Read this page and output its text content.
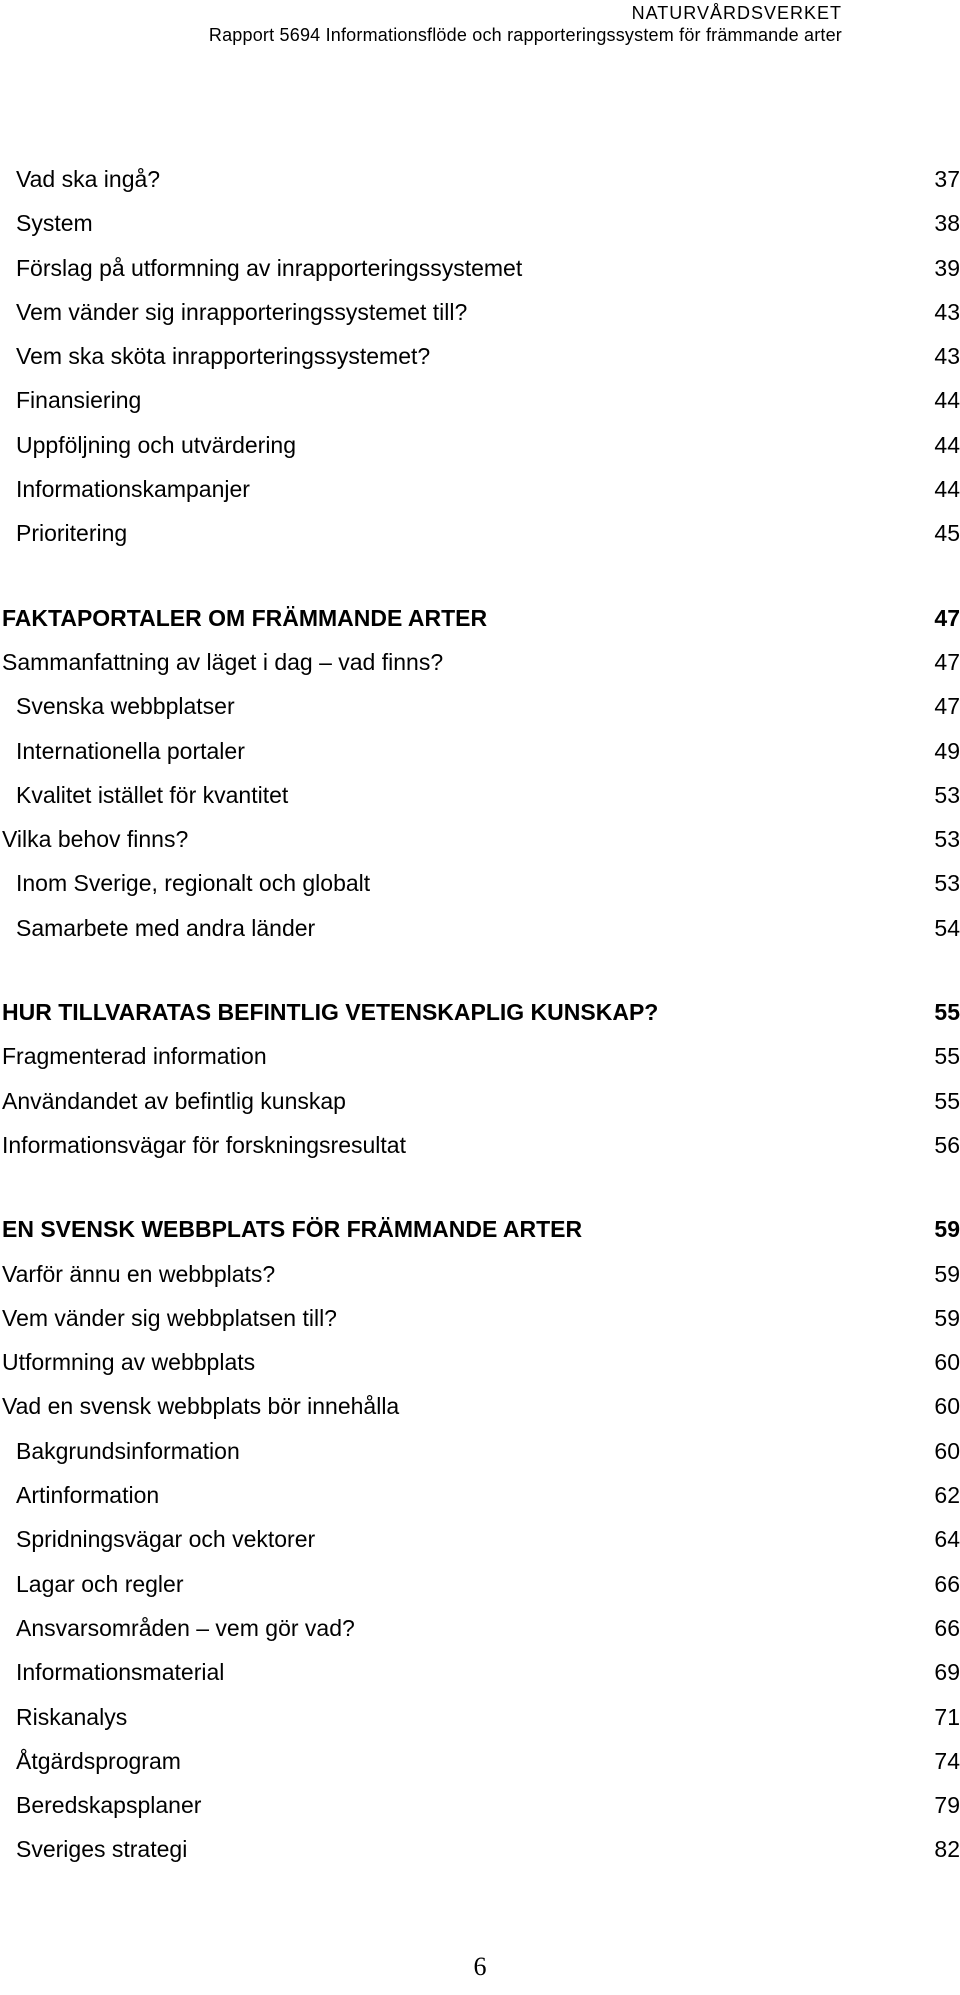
NATURVÅRDSVERKET
Rapport 5694 Informationsflöde och rapporteringssystem för främmande arter
Vad ska ingå?	37
System	38
Förslag på utformning av inrapporteringssystemet	39
Vem vänder sig inrapporteringssystemet till?	43
Vem ska sköta inrapporteringssystemet?	43
Finansiering	44
Uppföljning och utvärdering	44
Informationskampanjer	44
Prioritering	45
FAKTAPORTALER OM FRÄMMANDE ARTER	47
Sammanfattning av läget i dag – vad finns?	47
Svenska webbplatser	47
Internationella portaler	49
Kvalitet istället för kvantitet	53
Vilka behov finns?	53
Inom Sverige, regionalt och globalt	53
Samarbete med andra länder	54
HUR TILLVARATAS BEFINTLIG VETENSKAPLIG KUNSKAP?	55
Fragmenterad information	55
Användandet av befintlig kunskap	55
Informationsvägar för forskningsresultat	56
EN SVENSK WEBBPLATS FÖR FRÄMMANDE ARTER	59
Varför ännu en webbplats?	59
Vem vänder sig webbplatsen till?	59
Utformning av webbplats	60
Vad en svensk webbplats bör innehålla	60
Bakgrundsinformation	60
Artinformation	62
Spridningsvägar och vektorer	64
Lagar och regler	66
Ansvarsområden – vem gör vad?	66
Informationsmaterial	69
Riskanalys	71
Åtgärdsprogram	74
Beredskapsplaner	79
Sveriges strategi	82
6
